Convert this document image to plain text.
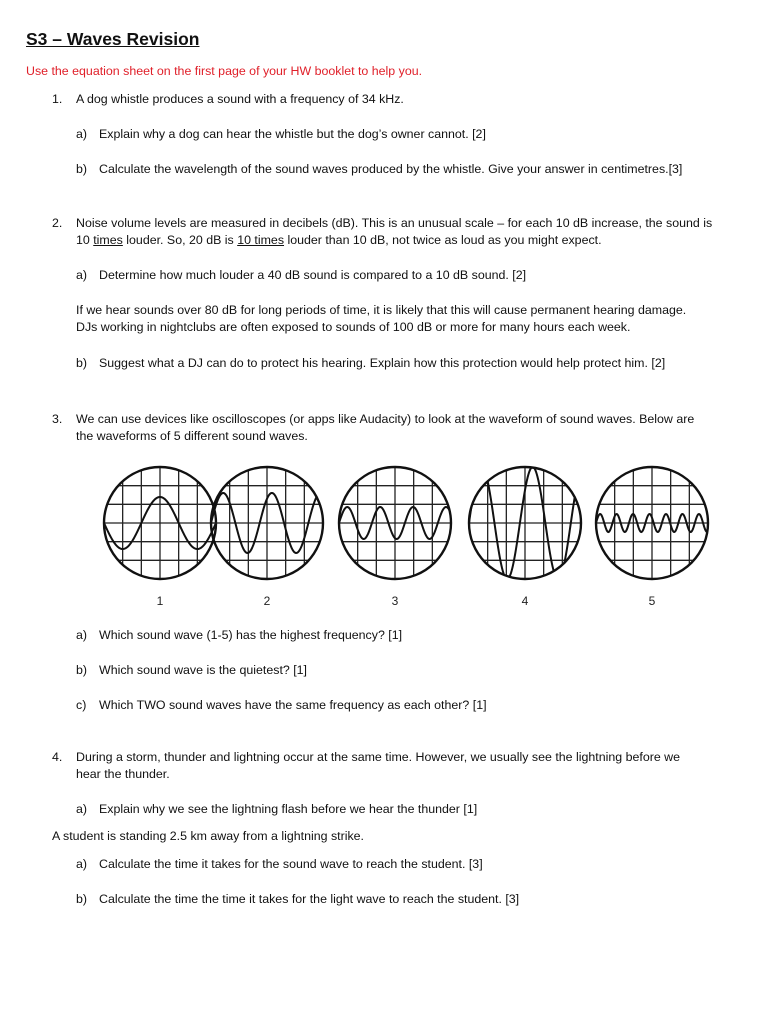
S3 – Waves Revision
Use the equation sheet on the first page of your HW booklet to help you.
1. A dog whistle produces a sound with a frequency of 34 kHz.
a) Explain why a dog can hear the whistle but the dog’s owner cannot. [2]
b) Calculate the wavelength of the sound waves produced by the whistle. Give your answer in centimetres.[3]
2. Noise volume levels are measured in decibels (dB). This is an unusual scale – for each 10 dB increase, the sound is
10 times louder. So, 20 dB is 10 times louder than 10 dB, not twice as loud as you might expect.
a) Determine how much louder a 40 dB sound is compared to a 10 dB sound. [2]
If we hear sounds over 80 dB for long periods of time, it is likely that this will cause permanent hearing damage.
DJs working in nightclubs are often exposed to sounds of 100 dB or more for many hours each week.
b) Suggest what a DJ can do to protect his hearing. Explain how this protection would help protect him. [2]
3. We can use devices like oscilloscopes (or apps like Audacity) to look at the waveform of sound waves. Below are
the waveforms of 5 different sound waves.
1	2	3	4	5
a) Which sound wave (1-5) has the highest frequency? [1]
b) Which sound wave is the quietest? [1]
c) Which TWO sound waves have the same frequency as each other? [1]
4. During a storm, thunder and lightning occur at the same time. However, we usually see the lightning before we
hear the thunder.
a) Explain why we see the lightning flash before we hear the thunder [1]
A student is standing 2.5 km away from a lightning strike.
a) Calculate the time it takes for the sound wave to reach the student. [3]
b) Calculate the time the time it takes for the light wave to reach the student. [3]
